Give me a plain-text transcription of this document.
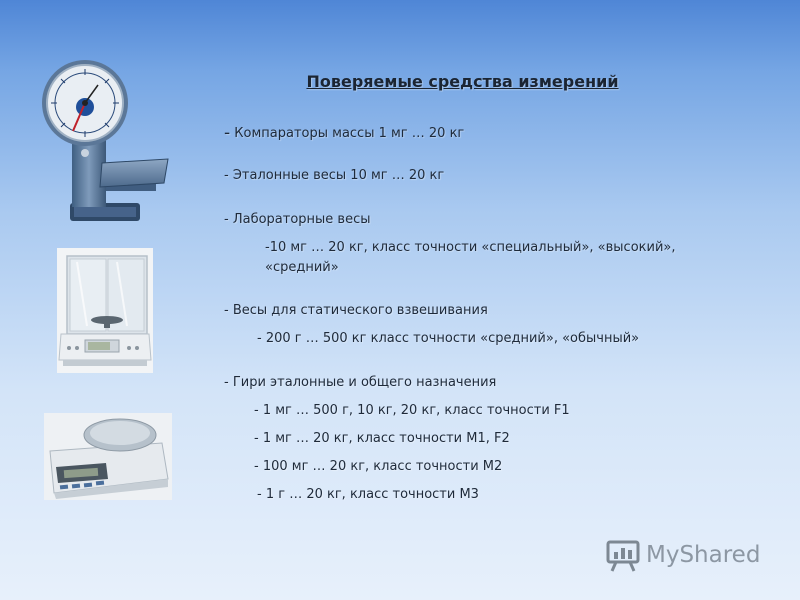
Поверяемые средства измерений
- Компараторы массы 1 мг … 20 кг
- Эталонные весы 10 мг … 20 кг
- Лабораторные весы
-10 мг … 20 кг, класс точности «специальный», «высокий»,
«средний»
- Весы для статического взвешивания
- 200 г … 500 кг класс точности «средний», «обычный»
- Гири эталонные и общего назначения
- 1 мг … 500 г, 10 кг, 20 кг, класс точности F1
- 1 мг … 20 кг, класс точности М1, F2
- 100 мг … 20 кг, класс точности М2
- 1 г … 20 кг, класс точности М3
MyShared
